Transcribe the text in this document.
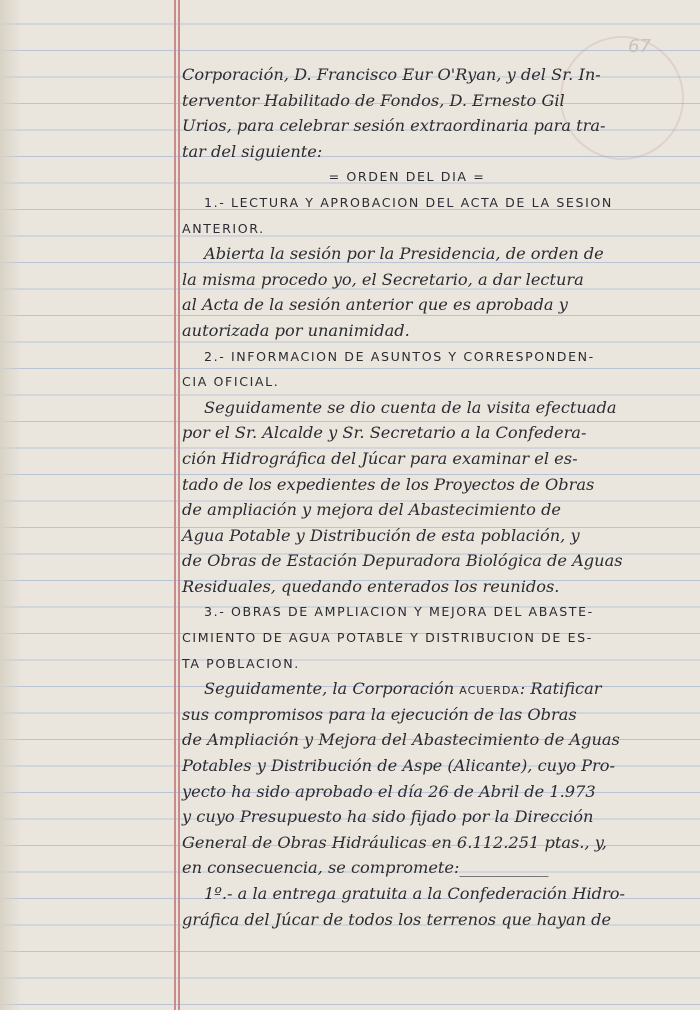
67
Corporación, D. Francisco Eur O'Ryan, y del Sr. In-
terventor Habilitado de Fondos, D. Ernesto Gil
Urios, para celebrar sesión extraordinaria para tra-
tar del siguiente:
= ORDEN DEL DIA =
1.- LECTURA Y APROBACION DEL ACTA DE LA SESION
ANTERIOR.
Abierta la sesión por la Presidencia, de orden de
la misma procedo yo, el Secretario, a dar lectura
al Acta de la sesión anterior que es aprobada y
autorizada por unanimidad.
2.- INFORMACION DE ASUNTOS Y CORRESPONDEN-
CIA OFICIAL.
Seguidamente se dio cuenta de la visita efectuada
por el Sr. Alcalde y Sr. Secretario a la Confedera-
ción Hidrográfica del Júcar para examinar el es-
tado de los expedientes de los Proyectos de Obras
de ampliación y mejora del Abastecimiento de
Agua Potable y Distribución de esta población, y
de Obras de Estación Depuradora Biológica de Aguas
Residuales, quedando enterados los reunidos.
3.- OBRAS DE AMPLIACION Y MEJORA DEL ABASTE-
CIMIENTO DE AGUA POTABLE Y DISTRIBUCION DE ES-
TA POBLACION.
Seguidamente, la Corporación ACUERDA: Ratificar
sus compromisos para la ejecución de las Obras
de Ampliación y Mejora del Abastecimiento de Aguas
Potables y Distribución de Aspe (Alicante), cuyo Pro-
yecto ha sido aprobado el día 26 de Abril de 1.973
y cuyo Presupuesto ha sido fijado por la Dirección
General de Obras Hidráulicas en 6.112.251 ptas., y,
en consecuencia, se compromete:___________
1º.- a la entrega gratuita a la Confederación Hidro-
gráfica del Júcar de todos los terrenos que hayan de
